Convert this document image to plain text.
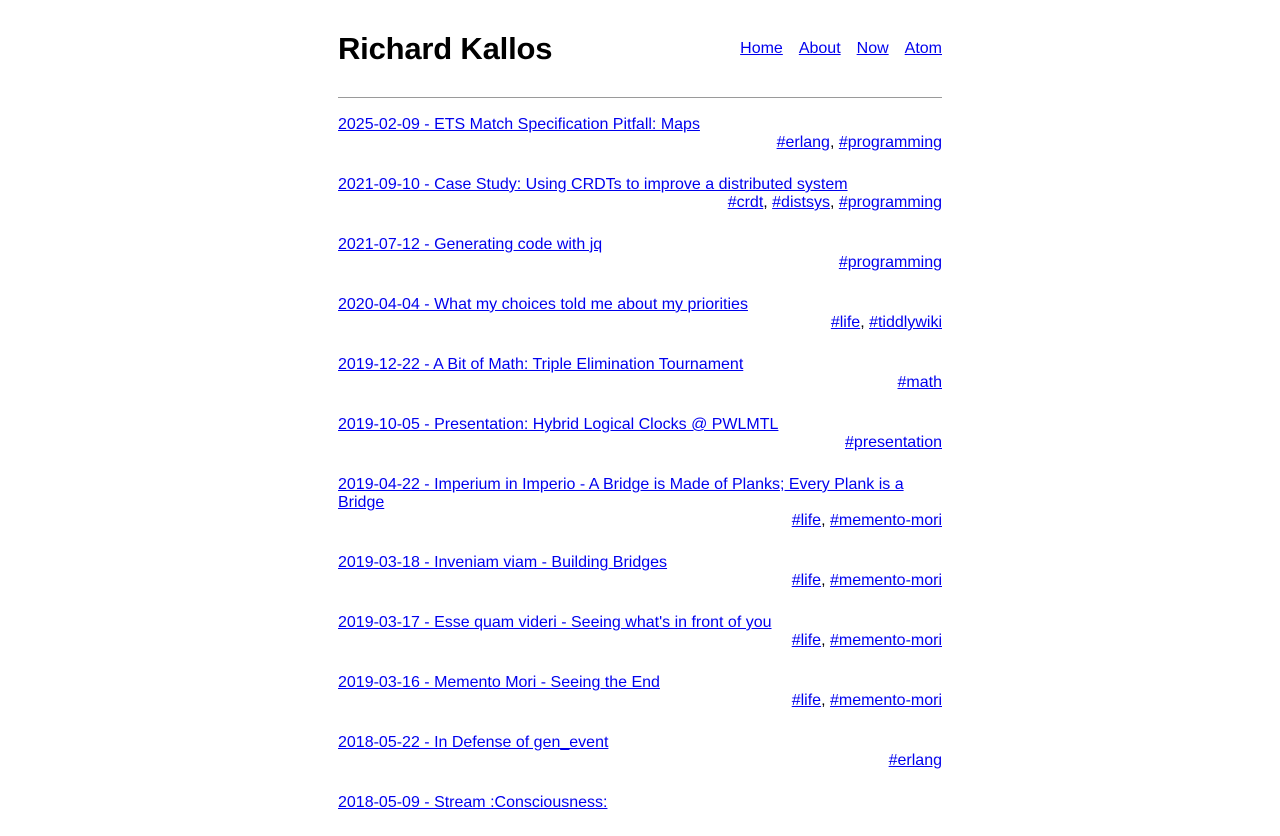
Richard Kallos	Home About Now Atom
2025-02-09 - ETS Match Specification Pitfall: Maps
#erlang, #programming
2021-09-10 - Case Study: Using CRDTs to improve a distributed system
#crdt, #distsys, #programming
2021-07-12 - Generating code with jq
#programming
2020-04-04 - What my choices told me about my priorities
#life, #tiddlywiki
2019-12-22 - A Bit of Math: Triple Elimination Tournament
#math
2019-10-05 - Presentation: Hybrid Logical Clocks @ PWLMTL
#presentation
2019-04-22 - Imperium in Imperio - A Bridge is Made of Planks; Every Plank is a Bridge
#life, #memento-mori
2019-03-18 - Inveniam viam - Building Bridges
#life, #memento-mori
2019-03-17 - Esse quam videri - Seeing what's in front of you
#life, #memento-mori
2019-03-16 - Memento Mori - Seeing the End
#life, #memento-mori
2018-05-22 - In Defense of gen_event
#erlang
2018-05-09 - Stream :Consciousness:
